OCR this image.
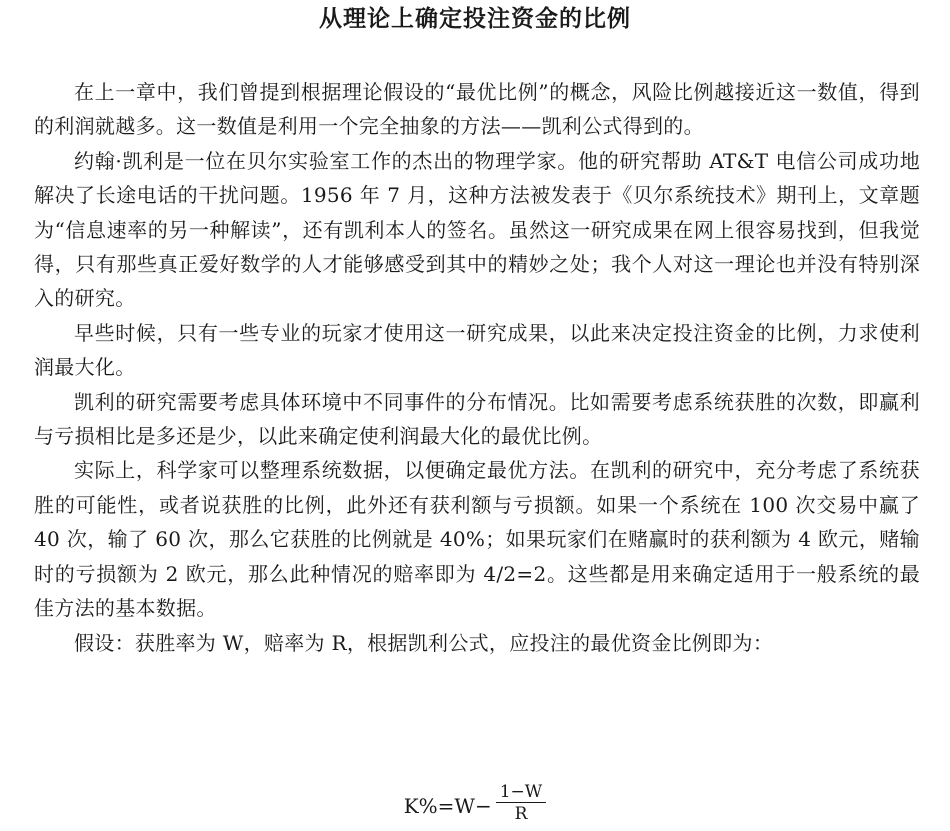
从理论上确定投注资金的比例

在上一章中，我们曾提到根据理论假设的“最优比例”的概念，风险比例越接近这一数值，得到的利润就越多。这一数值是利用一个完全抽象的方法——凯利公式得到的。

约翰·凯利是一位在贝尔实验室工作的杰出的物理学家。他的研究帮助 AT&T 电信公司成功地解决了长途电话的干扰问题。1956 年 7 月，这种方法被发表于《贝尔系统技术》期刊上，文章题为“信息速率的另一种解读”，还有凯利本人的签名。虽然这一研究成果在网上很容易找到，但我觉得，只有那些真正爱好数学的人才能够感受到其中的精妙之处；我个人对这一理论也并没有特别深入的研究。

早些时候，只有一些专业的玩家才使用这一研究成果，以此来决定投注资金的比例，力求使利润最大化。

凯利的研究需要考虑具体环境中不同事件的分布情况。比如需要考虑系统获胜的次数，即赢利与亏损相比是多还是少，以此来确定使利润最大化的最优比例。

实际上，科学家可以整理系统数据，以便确定最优方法。在凯利的研究中，充分考虑了系统获胜的可能性，或者说获胜的比例，此外还有获利额与亏损额。如果一个系统在 100 次交易中赢了 40 次，输了 60 次，那么它获胜的比例就是 40%；如果玩家们在赌赢时的获利额为 4 欧元，赌输时的亏损额为 2 欧元，那么此种情况的赔率即为 4/2=2。这些都是用来确定适用于一般系统的最佳方法的基本数据。

假设：获胜率为 W，赔率为 R，根据凯利公式，应投注的最优资金比例即为：

$K\%=W- \frac{1-W}{R}$
